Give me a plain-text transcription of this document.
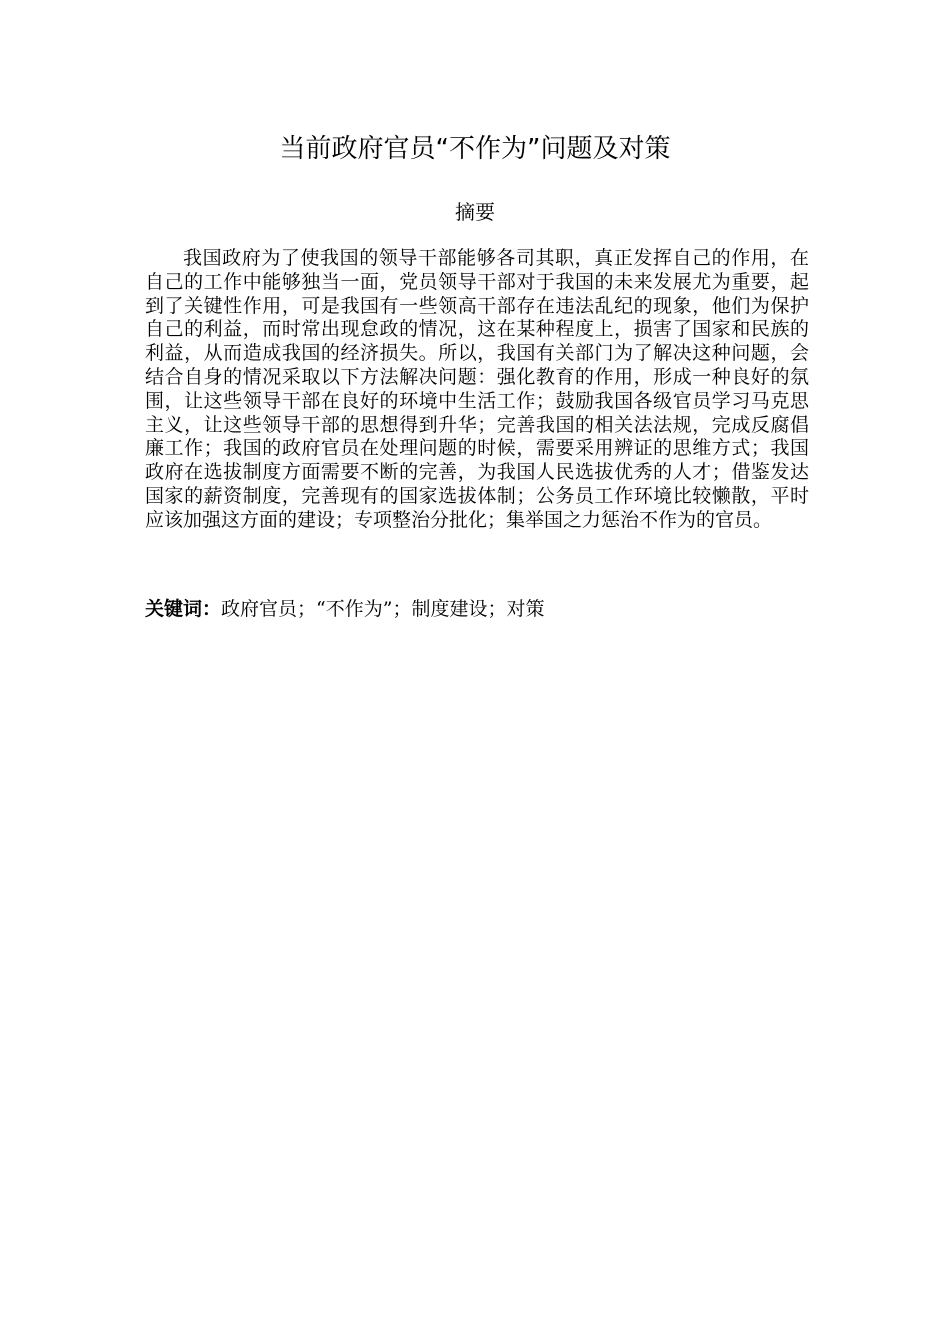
当前政府官员“不作为”问题及对策
摘要

我国政府为了使我国的领导干部能够各司其职，真正发挥自己的作用，在自己的工作中能够独当一面，党员领导干部对于我国的未来发展尤为重要，起到了关键性作用，可是我国有一些领高干部存在违法乱纪的现象，他们为保护自己的利益，而时常出现怠政的情况，这在某种程度上，损害了国家和民族的利益，从而造成我国的经济损失。所以，我国有关部门为了解决这种问题，会结合自身的情况采取以下方法解决问题：强化教育的作用，形成一种良好的氛围，让这些领导干部在良好的环境中生活工作；鼓励我国各级官员学习马克思主义，让这些领导干部的思想得到升华；完善我国的相关法法规，完成反腐倡廉工作；我国的政府官员在处理问题的时候，需要采用辨证的思维方式；我国政府在选拔制度方面需要不断的完善，为我国人民选拔优秀的人才；借鉴发达国家的薪资制度，完善现有的国家选拔体制；公务员工作环境比较懒散，平时应该加强这方面的建设；专项整治分批化；集举国之力惩治不作为的官员。

关键词：政府官员；“不作为”；制度建设；对策
